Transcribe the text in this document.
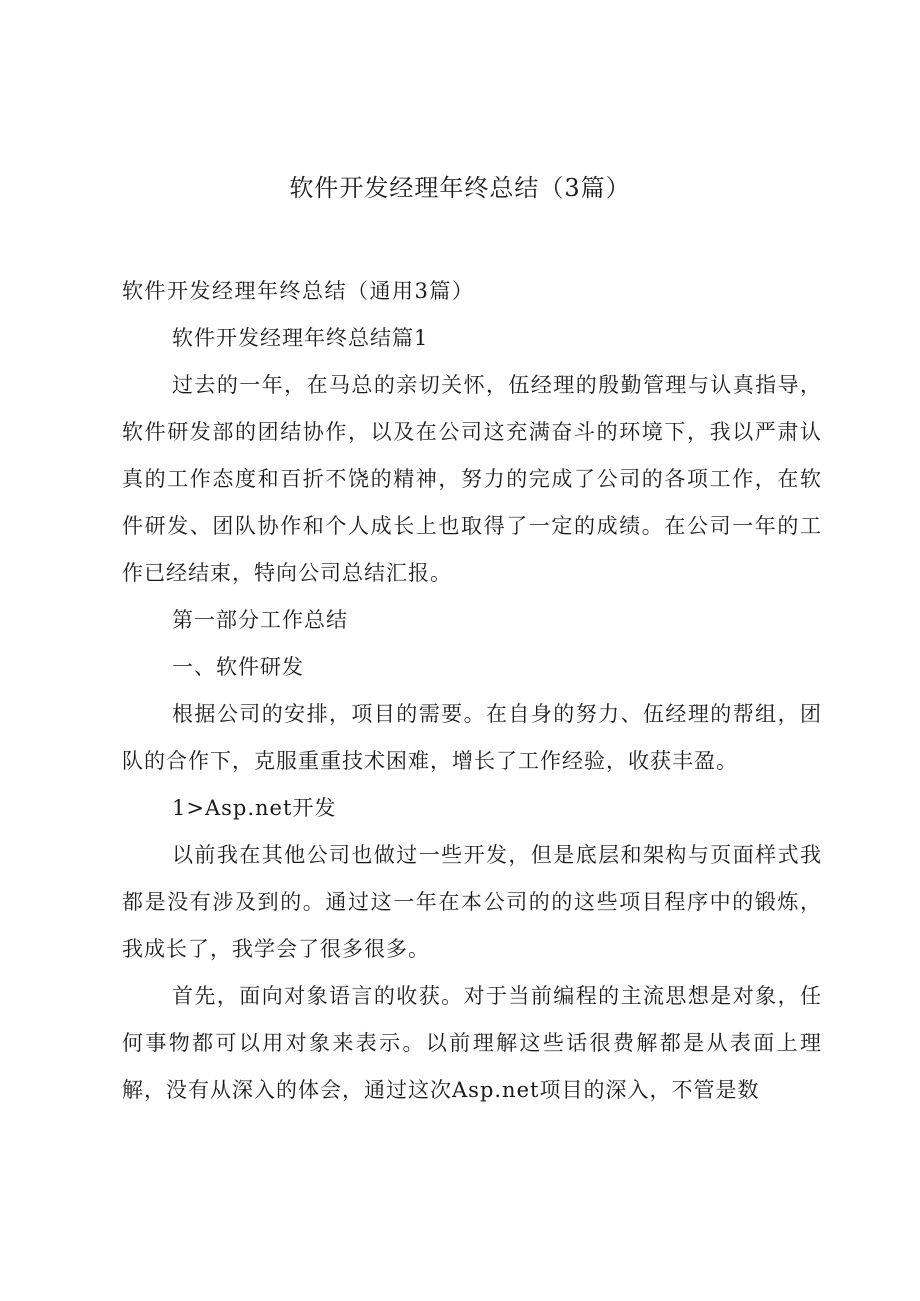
软件开发经理年终总结（3篇）

软件开发经理年终总结（通用3篇）

软件开发经理年终总结篇1

过去的一年，在马总的亲切关怀，伍经理的殷勤管理与认真指导，软件研发部的团结协作，以及在公司这充满奋斗的环境下，我以严肃认真的工作态度和百折不饶的精神，努力的完成了公司的各项工作，在软件研发、团队协作和个人成长上也取得了一定的成绩。在公司一年的工作已经结束，特向公司总结汇报。

第一部分工作总结

一、软件研发

根据公司的安排，项目的需要。在自身的努力、伍经理的帮组，团队的合作下，克服重重技术困难，增长了工作经验，收获丰盈。

1>Asp.net开发

以前我在其他公司也做过一些开发，但是底层和架构与页面样式我都是没有涉及到的。通过这一年在本公司的的这些项目程序中的锻炼，我成长了，我学会了很多很多。

首先，面向对象语言的收获。对于当前编程的主流思想是对象，任何事物都可以用对象来表示。以前理解这些话很费解都是从表面上理解，没有从深入的体会，通过这次Asp.net项目的深入，不管是数
